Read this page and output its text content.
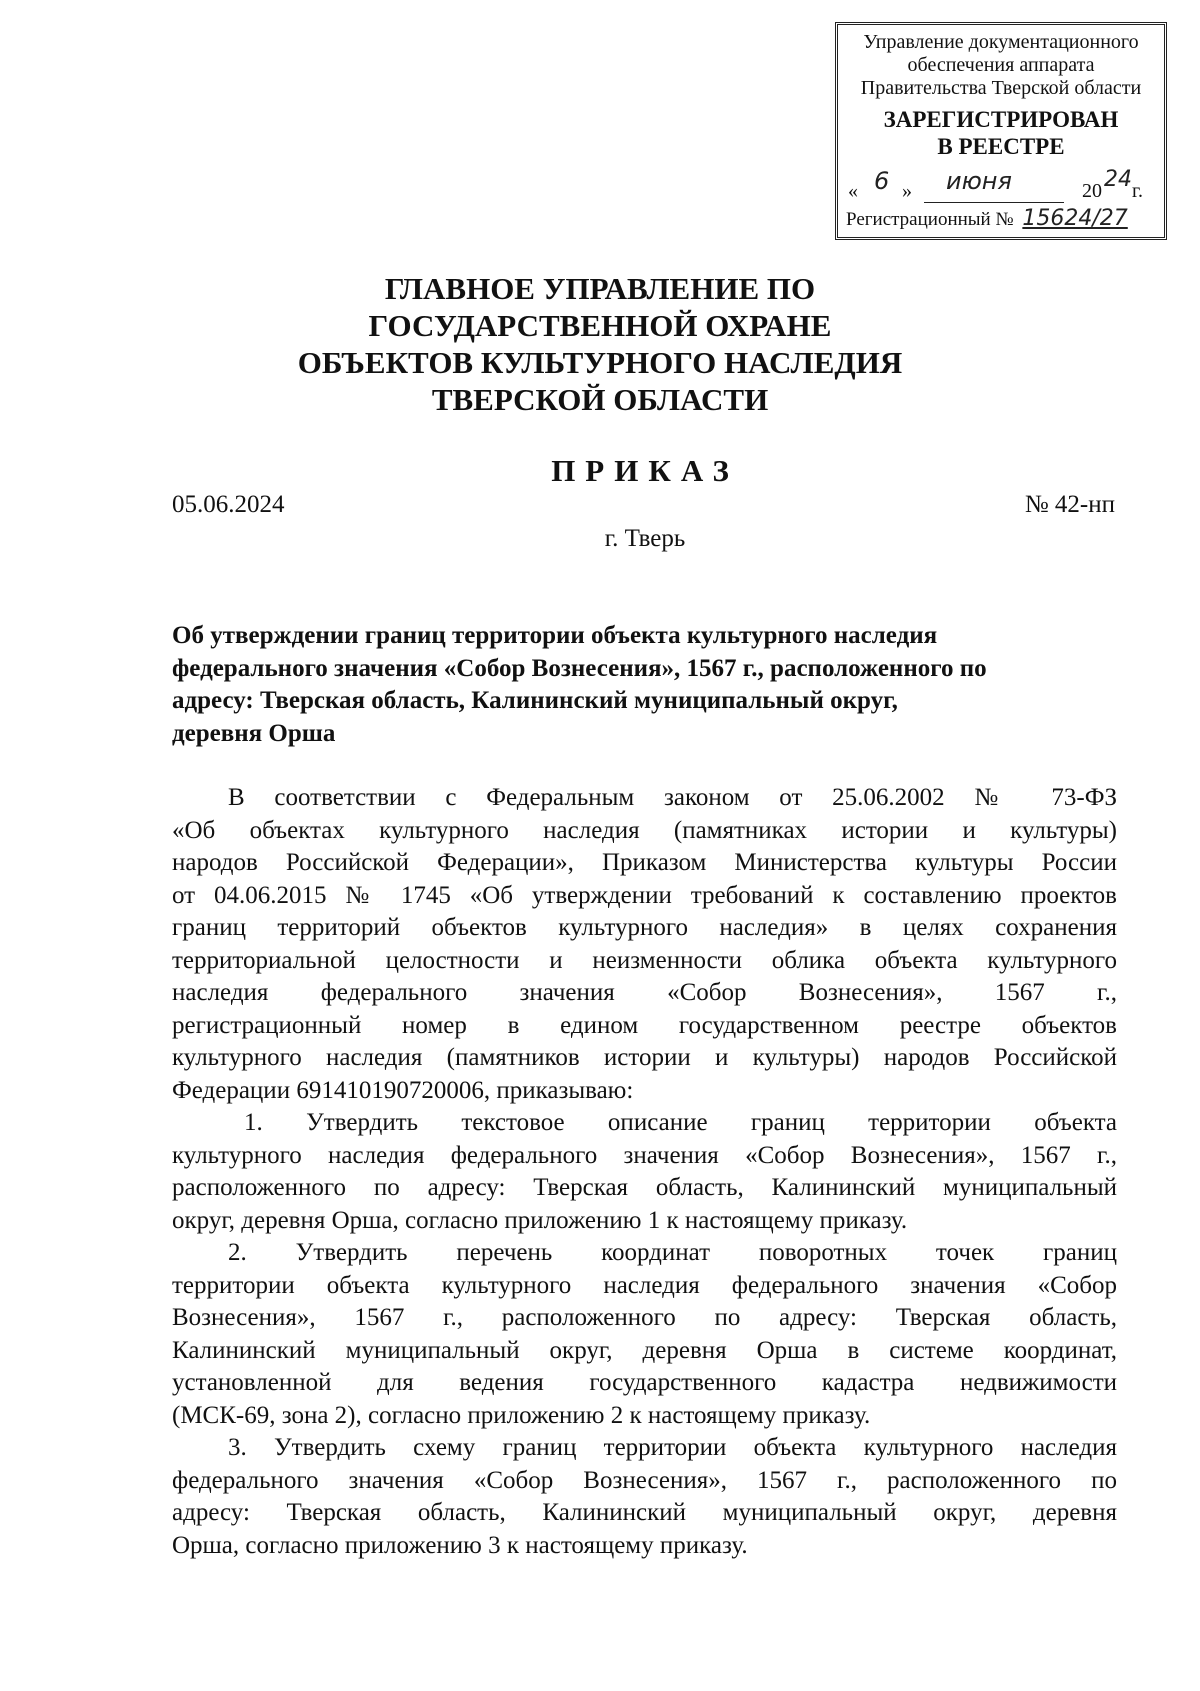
Управление документационного
обеспечения аппарата
Правительства Тверской области
ЗАРЕГИСТРИРОВАН
В РЕЕСТРЕ
« 6 » июня	20 24 г.
Регистрационный № 15624/27
ГЛАВНОЕ УПРАВЛЕНИЕ ПО
ГОСУДАРСТВЕННОЙ ОХРАНЕ
ОБЪЕКТОВ КУЛЬТУРНОГО НАСЛЕДИЯ
ТВЕРСКОЙ ОБЛАСТИ
ПРИКАЗ
05.06.2024	№ 42-нп
г. Тверь
Об утверждении границ территории объекта культурного наследия
федерального значения «Собор Вознесения», 1567 г., расположенного по
адресу: Тверская область, Калининский муниципальный округ,
деревня Орша
В соответствии с Федеральным законом от 25.06.2002 № 73-ФЗ
«Об объектах культурного наследия (памятниках истории и культуры)
народов Российской Федерации», Приказом Министерства культуры России
от 04.06.2015 № 1745 «Об утверждении требований к составлению проектов
границ территорий объектов культурного наследия» в целях сохранения
территориальной целостности и неизменности облика объекта культурного
наследия федерального значения «Собор Вознесения», 1567 г.,
регистрационный номер в едином государственном реестре объектов
культурного наследия (памятников истории и культуры) народов Российской
Федерации 691410190720006, приказываю:
1. Утвердить текстовое описание границ территории объекта
культурного наследия федерального значения «Собор Вознесения», 1567 г.,
расположенного по адресу: Тверская область, Калининский муниципальный
округ, деревня Орша, согласно приложению 1 к настоящему приказу.
2. Утвердить перечень координат поворотных точек границ
территории объекта культурного наследия федерального значения «Собор
Вознесения», 1567 г., расположенного по адресу: Тверская область,
Калининский муниципальный округ, деревня Орша в системе координат,
установленной для ведения государственного кадастра недвижимости
(МСК-69, зона 2), согласно приложению 2 к настоящему приказу.
3. Утвердить схему границ территории объекта культурного наследия
федерального значения «Собор Вознесения», 1567 г., расположенного по
адресу: Тверская область, Калининский муниципальный округ, деревня
Орша, согласно приложению 3 к настоящему приказу.
